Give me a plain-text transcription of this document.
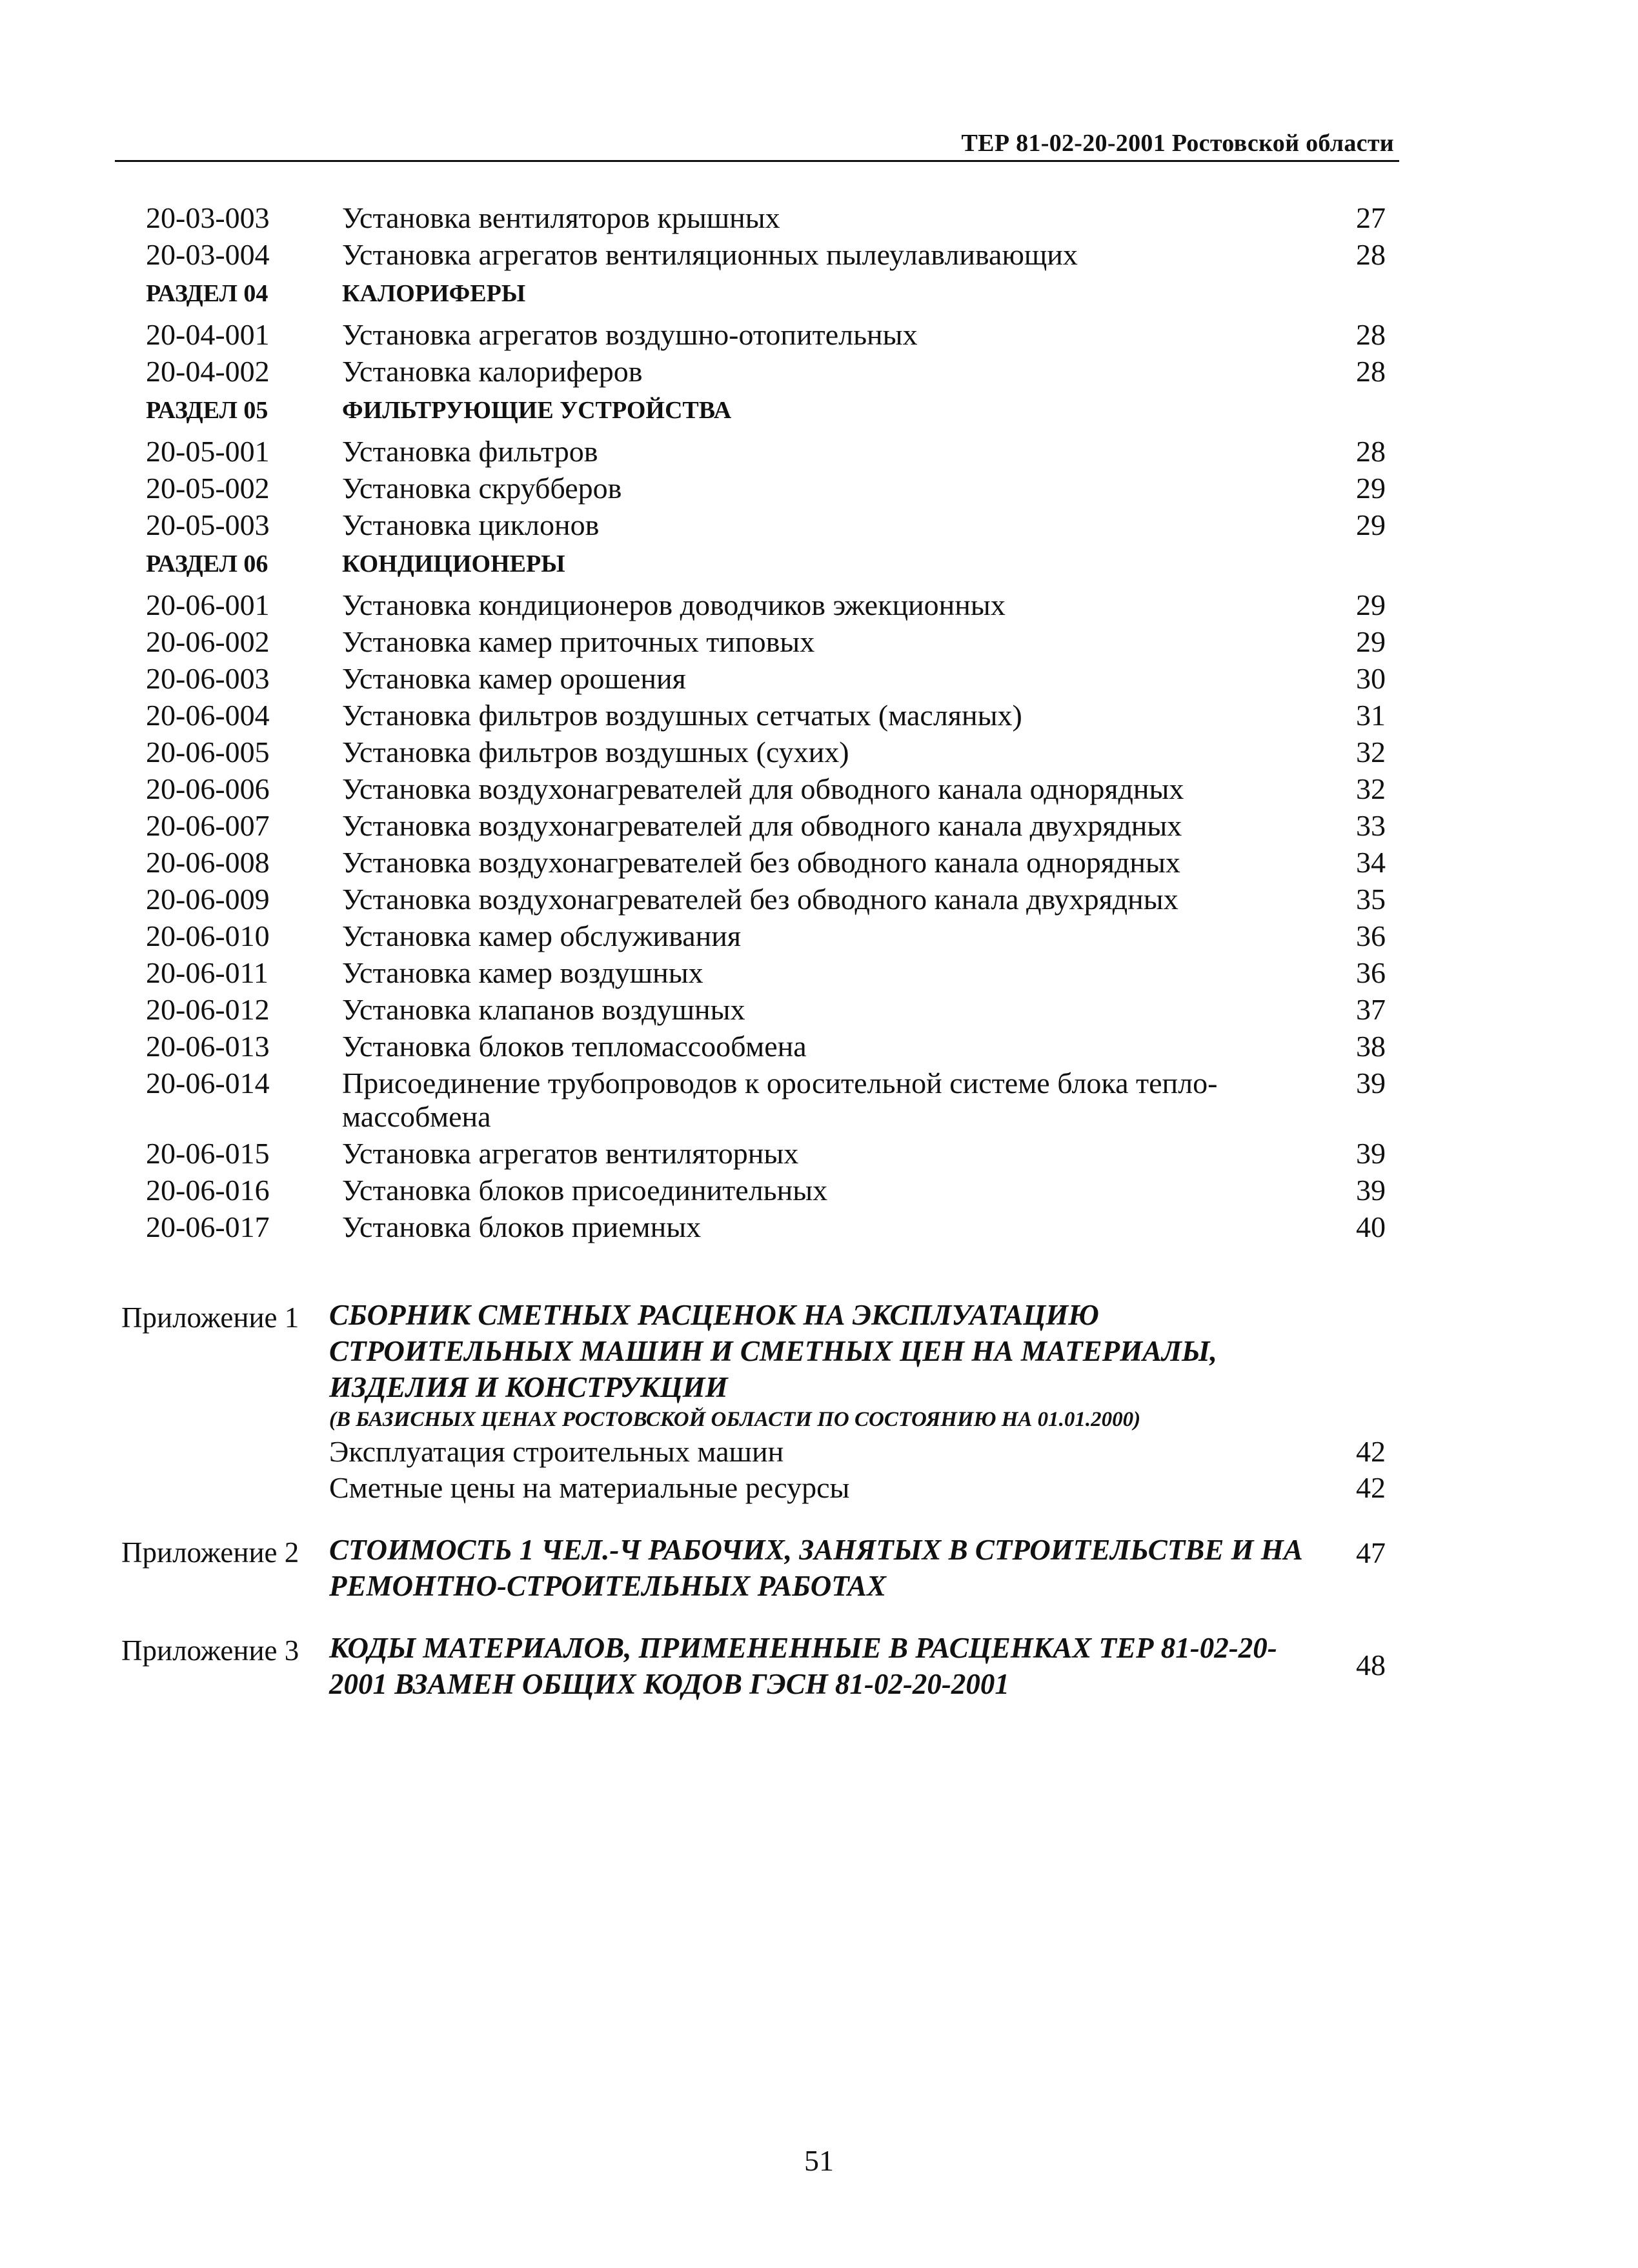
ТЕР 81-02-20-2001 Ростовской области
20-03-003 Установка вентиляторов крышных	27
20-03-004 Установка агрегатов вентиляционных пылеулавливающих	28
РАЗДЕЛ 04	КАЛОРИФЕРЫ
20-04-001 Установка агрегатов воздушно-отопительных	28
20-04-002 Установка калориферов	28
РАЗДЕЛ 05	ФИЛЬТРУЮЩИЕ УСТРОЙСТВА
20-05-001 Установка фильтров	28
20-05-002 Установка скрубберов	29
20-05-003 Установка циклонов	29
РАЗДЕЛ 06	КОНДИЦИОНЕРЫ
20-06-001 Установка кондиционеров доводчиков эжекционных	29
20-06-002 Установка камер приточных типовых	29
20-06-003 Установка камер орошения	30
20-06-004 Установка фильтров воздушных сетчатых (масляных)	31
20-06-005 Установка фильтров воздушных (сухих)	32
20-06-006 Установка воздухонагревателей для обводного канала однорядных	32
20-06-007 Установка воздухонагревателей для обводного канала двухрядных	33
20-06-008 Установка воздухонагревателей без обводного канала однорядных	34
20-06-009 Установка воздухонагревателей без обводного канала двухрядных	35
20-06-010 Установка камер обслуживания	36
20-06-011 Установка камер воздушных	36
20-06-012 Установка клапанов воздушных	37
20-06-013 Установка блоков тепломассообмена	38
20-06-014 Присоединение трубопроводов к оросительной системе блока тепло-массобмена
39
20-06-015 Установка агрегатов вентиляторных	39
20-06-016 Установка блоков присоединительных	39
20-06-017 Установка блоков приемных	40
Приложение 1 СБОРНИК СМЕТНЫХ РАСЦЕНОК НА ЭКСПЛУАТАЦИЮ СТРОИТЕЛЬНЫХ МАШИН И СМЕТНЫХ ЦЕН НА МАТЕРИАЛЫ, ИЗДЕЛИЯ И КОНСТРУКЦИИ
(В БАЗИСНЫХ ЦЕНАХ РОСТОВСКОЙ ОБЛАСТИ ПО СОСТОЯНИЮ НА 01.01.2000)
Эксплуатация строительных машин	42
Сметные цены на материальные ресурсы	42
Приложение 2 СТОИМОСТЬ 1 ЧЕЛ.-Ч РАБОЧИХ, ЗАНЯТЫХ В СТРОИТЕЛЬСТВЕ И НА РЕМОНТНО-СТРОИТЕЛЬНЫХ РАБОТАХ
47
Приложение 3 КОДЫ МАТЕРИАЛОВ, ПРИМЕНЕННЫЕ В РАСЦЕНКАХ ТЕР 81-02-20-2001 ВЗАМЕН ОБЩИХ КОДОВ ГЭСН 81-02-20-2001
48
51
